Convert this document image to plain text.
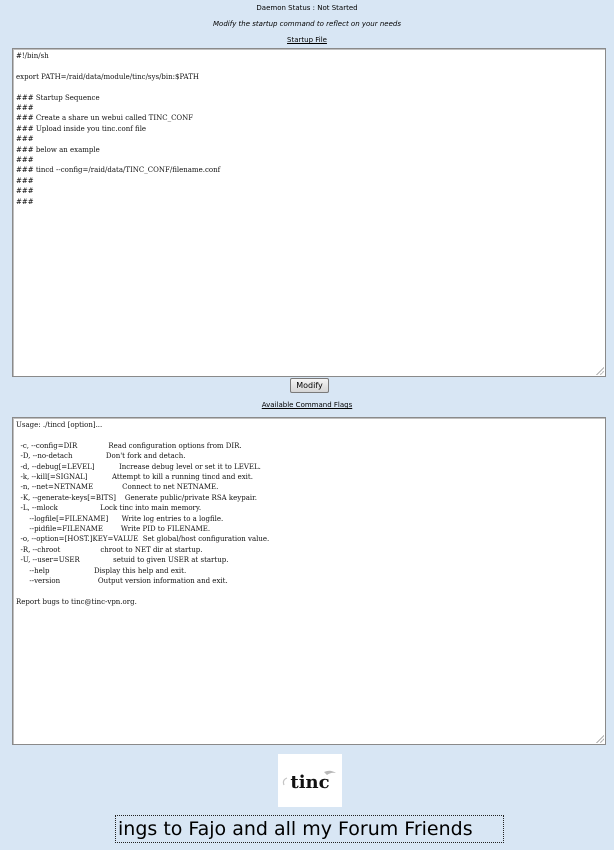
Daemon Status : Not Started
Modify the startup command to reflect on your needs
Startup File
#!/bin/sh

export PATH=/raid/data/module/tinc/sys/bin:$PATH

### Startup Sequence
###
### Create a share un webui called TINC_CONF
### Upload inside you tinc.conf file
###
### below an example
###
### tincd --config=/raid/data/TINC_CONF/filename.conf
###
###
###
Modify
Available Command Flags
Usage: ./tincd [option]...

-c, --config=DIR              Read configuration options from DIR.
-D, --no-detach               Don't fork and detach.
-d, --debug[=LEVEL]           Increase debug level or set it to LEVEL.
-k, --kill[=SIGNAL]           Attempt to kill a running tincd and exit.
-n, --net=NETNAME             Connect to net NETNAME.
-K, --generate-keys[=BITS]    Generate public/private RSA keypair.
-L, --mlock                   Lock tinc into main memory.
--logfile[=FILENAME]      Write log entries to a logfile.
--pidfile=FILENAME        Write PID to FILENAME.
-o, --option=[HOST.]KEY=VALUE  Set global/host configuration value.
-R, --chroot                  chroot to NET dir at startup.
-U, --user=USER               setuid to given USER at startup.
--help                    Display this help and exit.
--version                 Output version information and exit.

Report bugs to tinc@tinc-vpn.org.
tinc
ings to Fajo and all my Forum Friends
